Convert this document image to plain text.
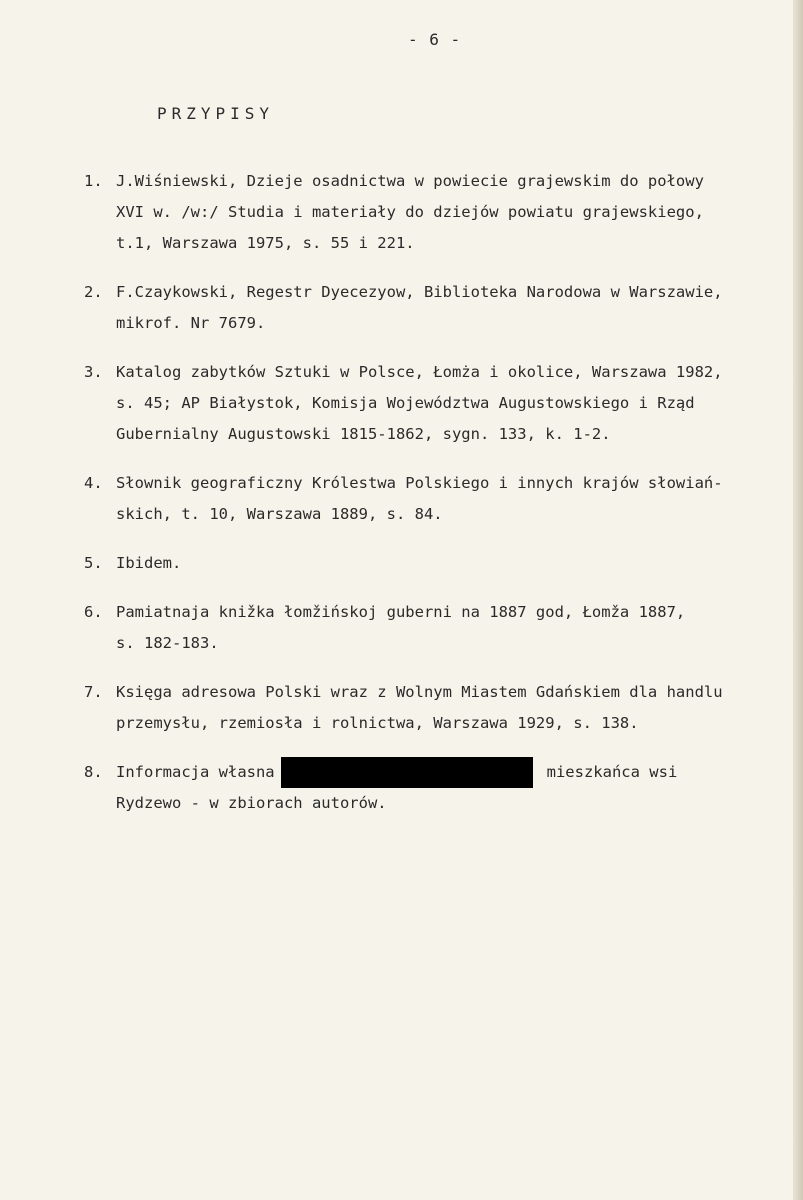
- 6 -
PRZYPISY
1. J.Wiśniewski, Dzieje osadnictwa w powiecie grajewskim do połowy
XVI w. /w:/ Studia i materiały do dziejów powiatu grajewskiego,
t.1, Warszawa 1975, s. 55 i 221.
2. F.Czaykowski, Regestr Dyecezyow, Biblioteka Narodowa w Warszawie,
mikrof. Nr 7679.
3. Katalog zabytków Sztuki w Polsce, Łomża i okolice, Warszawa 1982,
s. 45; AP Białystok, Komisja Województwa Augustowskiego i Rząd
Gubernialny Augustowski 1815-1862, sygn. 133, k. 1-2.
4. Słownik geograficzny Królestwa Polskiego i innych krajów słowiań-
skich, t. 10, Warszawa 1889, s. 84.
5. Ibidem.
6. Pamiatnaja knižka łomžińskoj guberni na 1887 god, Łomža 1887,
s. 182-183.
7. Księga adresowa Polski wraz z Wolnym Miastem Gdańskiem dla handlu
przemysłu, rzemiosła i rolnictwa, Warszawa 1929, s. 138.
8. Informacja własna	mieszkańca wsi
Rydzewo - w zbiorach autorów.
